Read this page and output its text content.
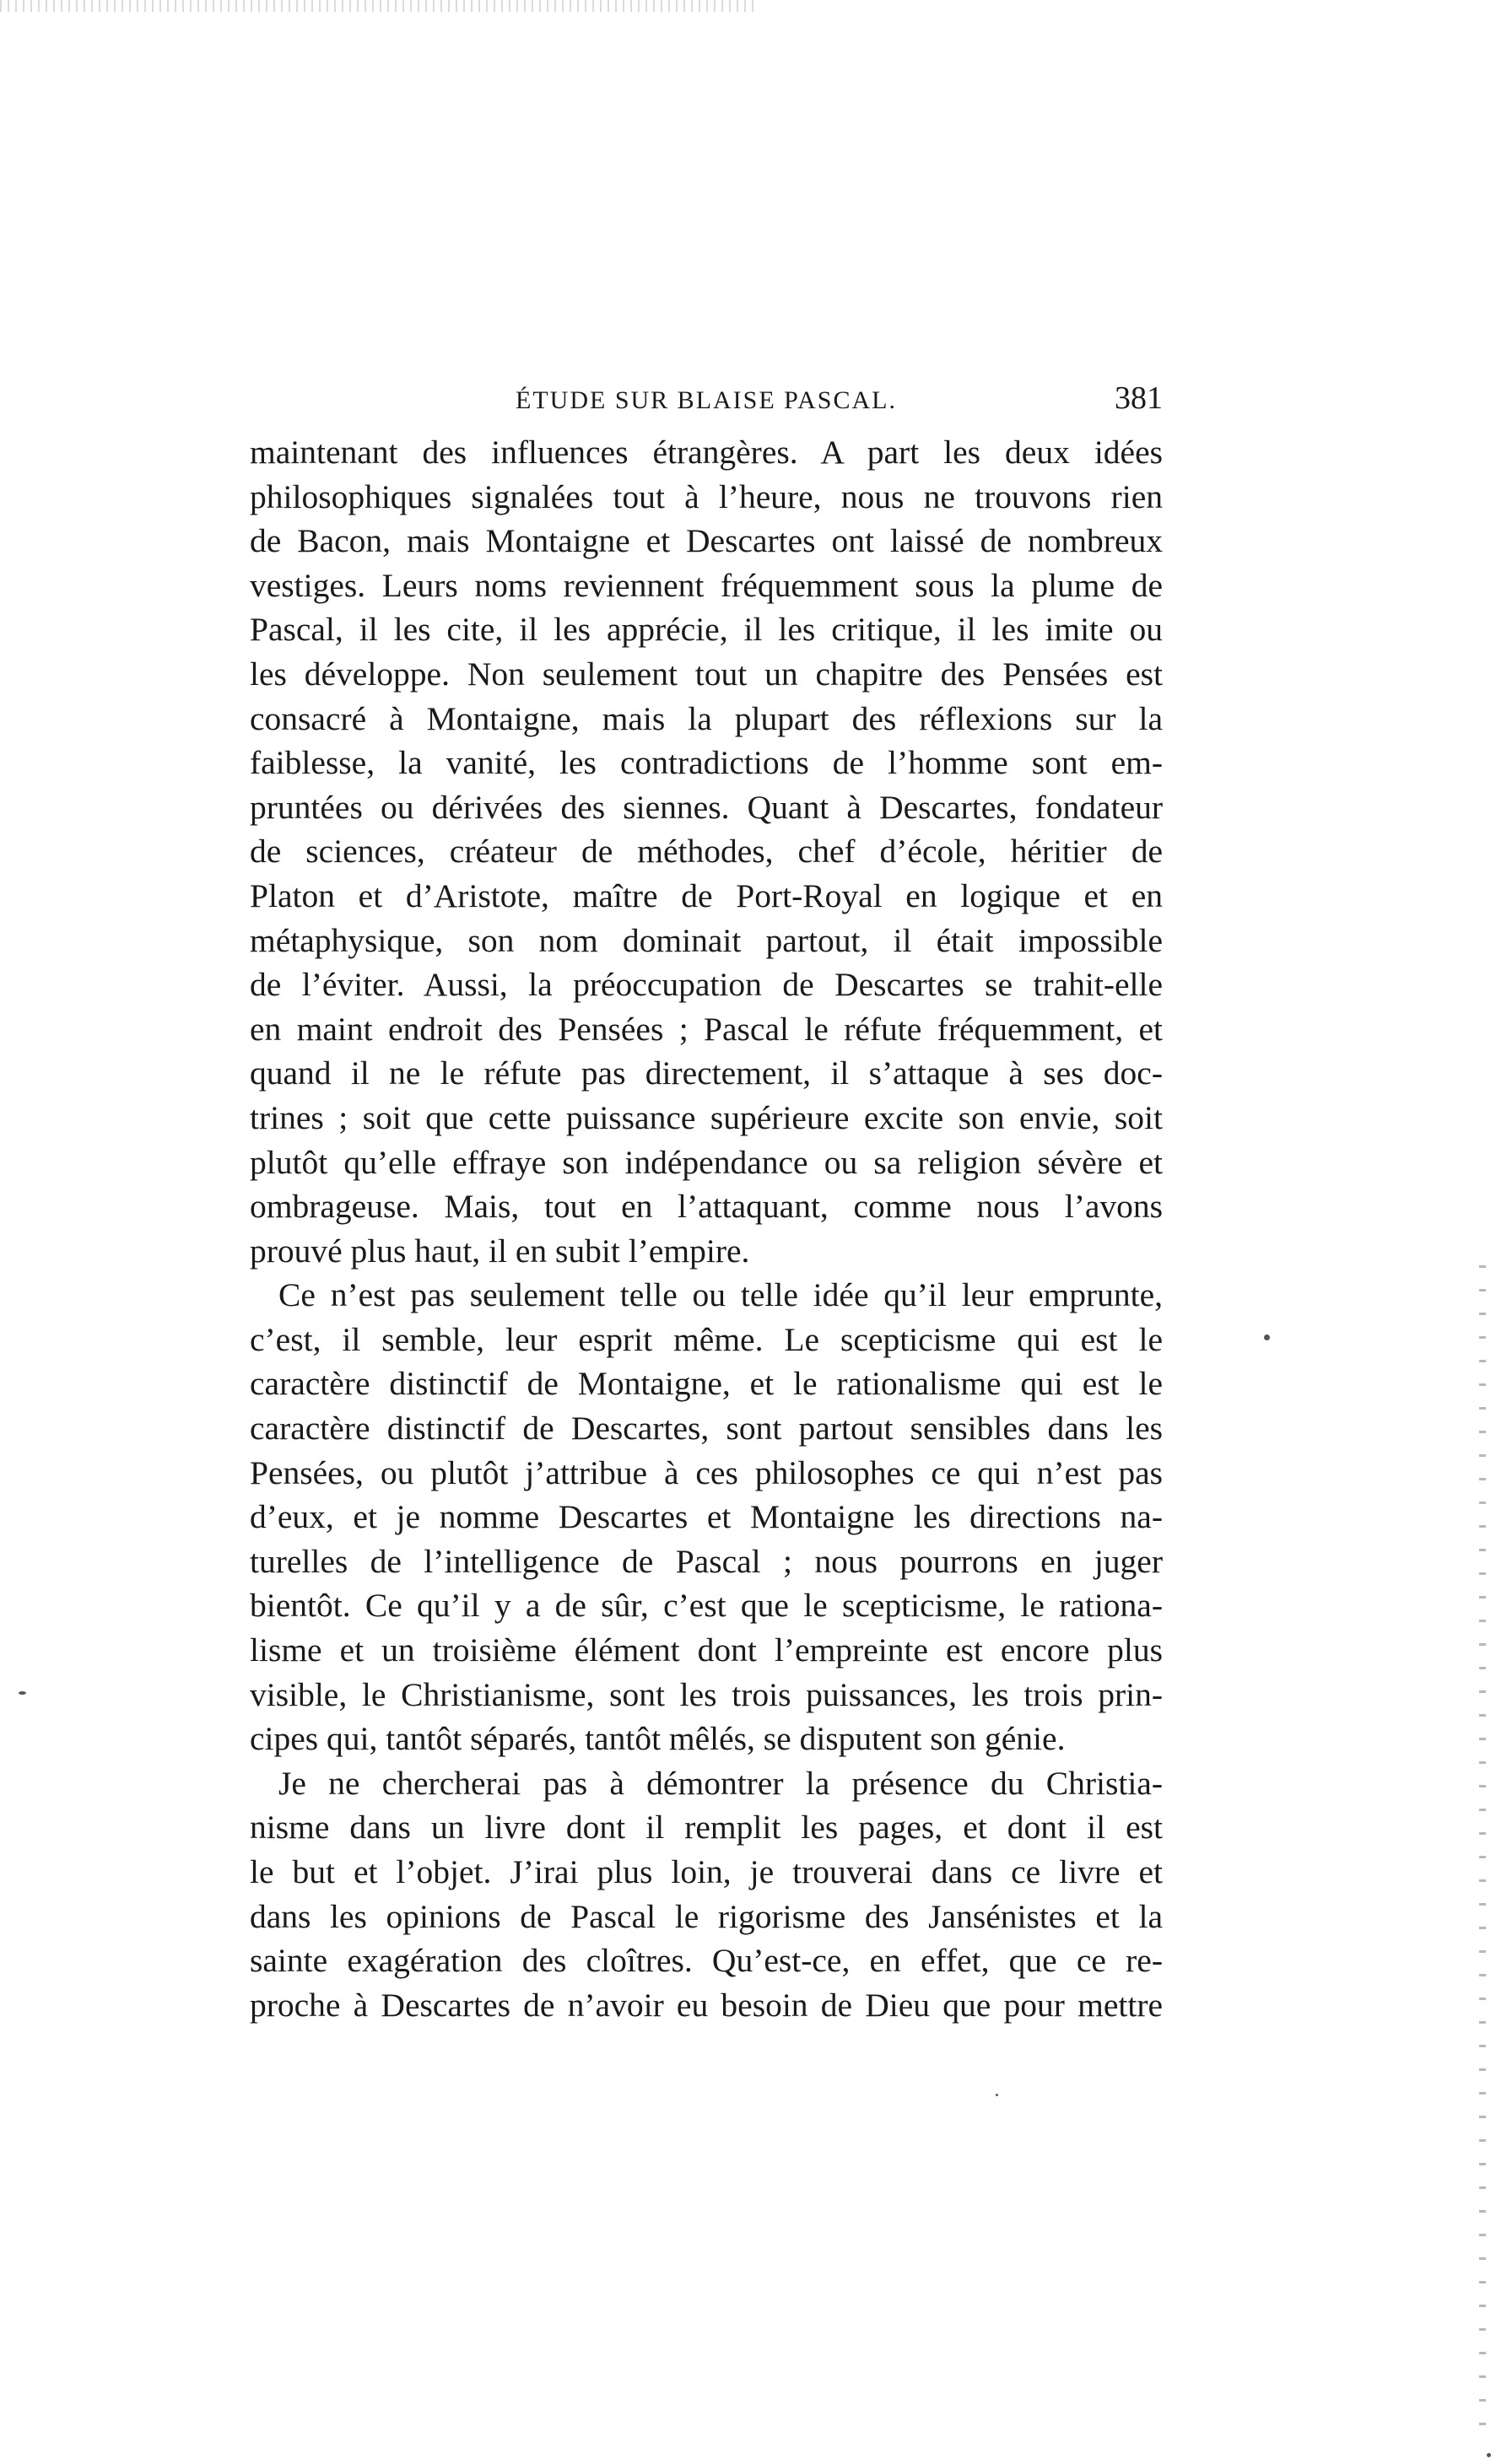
ÉTUDE SUR BLAISE PASCAL.	381
maintenant des influences étrangères. A part les deux idées
philosophiques signalées tout à l’heure, nous ne trouvons rien
de Bacon, mais Montaigne et Descartes ont laissé de nombreux
vestiges. Leurs noms reviennent fréquemment sous la plume de
Pascal, il les cite, il les apprécie, il les critique, il les imite ou
les développe. Non seulement tout un chapitre des Pensées est
consacré à Montaigne, mais la plupart des réflexions sur la
faiblesse, la vanité, les contradictions de l’homme sont em-
pruntées ou dérivées des siennes. Quant à Descartes, fondateur
de sciences, créateur de méthodes, chef d’école, héritier de
Platon et d’Aristote, maître de Port-Royal en logique et en
métaphysique, son nom dominait partout, il était impossible
de l’éviter. Aussi, la préoccupation de Descartes se trahit-elle
en maint endroit des Pensées ; Pascal le réfute fréquemment, et
quand il ne le réfute pas directement, il s’attaque à ses doc-
trines ; soit que cette puissance supérieure excite son envie, soit
plutôt qu’elle effraye son indépendance ou sa religion sévère et
ombrageuse. Mais, tout en l’attaquant, comme nous l’avons
prouvé plus haut, il en subit l’empire.
Ce n’est pas seulement telle ou telle idée qu’il leur emprunte,
c’est, il semble, leur esprit même. Le scepticisme qui est le
caractère distinctif de Montaigne, et le rationalisme qui est le
caractère distinctif de Descartes, sont partout sensibles dans les
Pensées, ou plutôt j’attribue à ces philosophes ce qui n’est pas
d’eux, et je nomme Descartes et Montaigne les directions na-
turelles de l’intelligence de Pascal ; nous pourrons en juger
bientôt. Ce qu’il y a de sûr, c’est que le scepticisme, le rationa-
lisme et un troisième élément dont l’empreinte est encore plus
visible, le Christianisme, sont les trois puissances, les trois prin-
cipes qui, tantôt séparés, tantôt mêlés, se disputent son génie.
Je ne chercherai pas à démontrer la présence du Christia-
nisme dans un livre dont il remplit les pages, et dont il est
le but et l’objet. J’irai plus loin, je trouverai dans ce livre et
dans les opinions de Pascal le rigorisme des Jansénistes et la
sainte exagération des cloîtres. Qu’est-ce, en effet, que ce re-
proche à Descartes de n’avoir eu besoin de Dieu que pour mettre
